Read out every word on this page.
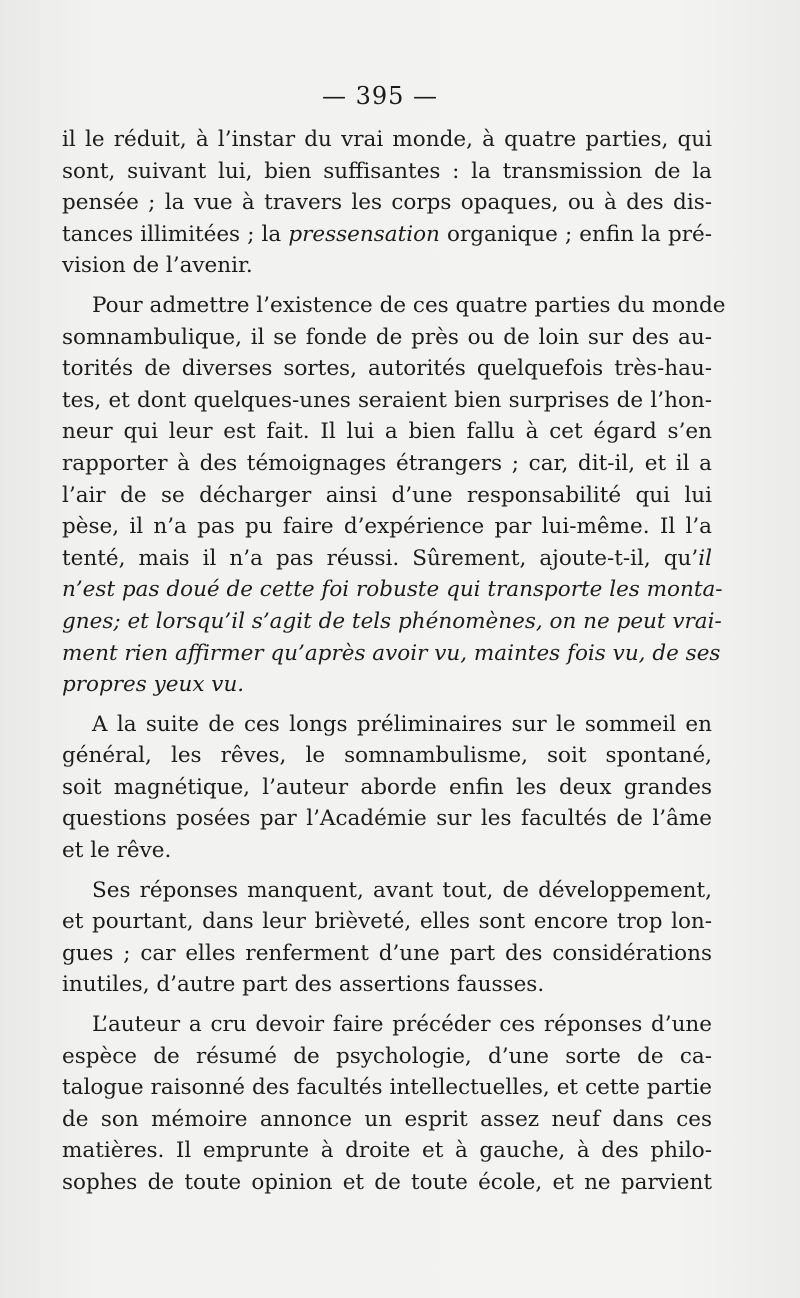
— 395 —
il le réduit, à l’instar du vrai monde, à quatre parties, qui
sont, suivant lui, bien suffisantes : la transmission de la
pensée ; la vue à travers les corps opaques, ou à des dis-
tances illimitées ; la pressensation organique ; enfin la pré-
vision de l’avenir.
Pour admettre l’existence de ces quatre parties du monde
somnambulique, il se fonde de près ou de loin sur des au-
torités de diverses sortes, autorités quelquefois très-hau-
tes, et dont quelques-unes seraient bien surprises de l’hon-
neur qui leur est fait. Il lui a bien fallu à cet égard s’en
rapporter à des témoignages étrangers ; car, dit-il, et il a
l’air de se décharger ainsi d’une responsabilité qui lui
pèse, il n’a pas pu faire d’expérience par lui-même. Il l’a
tenté, mais il n’a pas réussi. Sûrement, ajoute-t-il, qu’il
n’est pas doué de cette foi robuste qui transporte les monta-
gnes; et lorsqu’il s’agit de tels phénomènes, on ne peut vrai-
ment rien affirmer qu’après avoir vu, maintes fois vu, de ses
propres yeux vu.
A la suite de ces longs préliminaires sur le sommeil en
général, les rêves, le somnambulisme, soit spontané,
soit magnétique, l’auteur aborde enfin les deux grandes
questions posées par l’Académie sur les facultés de l’âme
et le rêve.
Ses réponses manquent, avant tout, de développement,
et pourtant, dans leur brièveté, elles sont encore trop lon-
gues ; car elles renferment d’une part des considérations
inutiles, d’autre part des assertions fausses.
L’auteur a cru devoir faire précéder ces réponses d’une
espèce de résumé de psychologie, d’une sorte de ca-
talogue raisonné des facultés intellectuelles, et cette partie
de son mémoire annonce un esprit assez neuf dans ces
matières. Il emprunte à droite et à gauche, à des philo-
sophes de toute opinion et de toute école, et ne parvient
